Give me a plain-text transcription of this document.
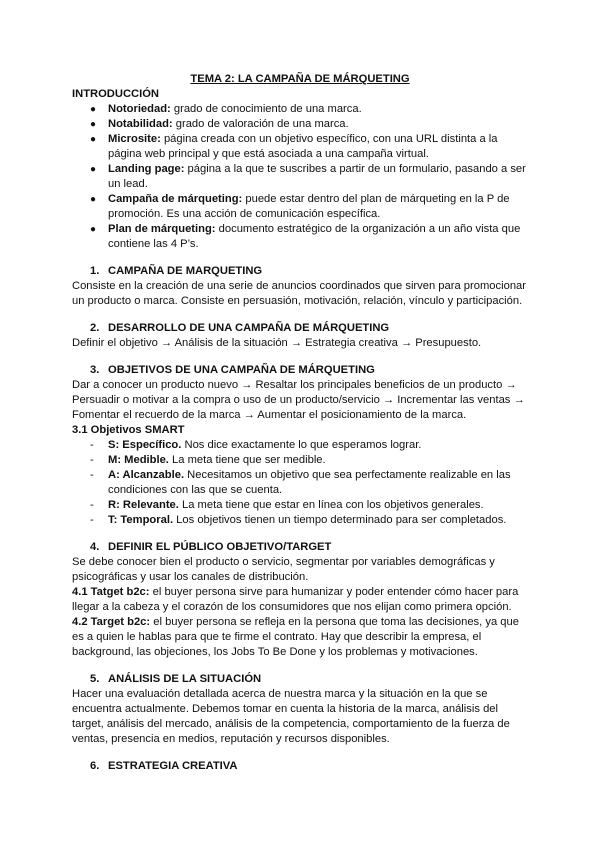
TEMA 2: LA CAMPAÑA DE MÁRQUETING
INTRODUCCIÓN
● Notoriedad: grado de conocimiento de una marca.
● Notabilidad: grado de valoración de una marca.
● Microsite: página creada con un objetivo específico, con una URL distinta a la página web principal y que está asociada a una campaña virtual.
● Landing page: página a la que te suscribes a partir de un formulario, pasando a ser un lead.
● Campaña de márqueting: puede estar dentro del plan de márqueting en la P de promoción. Es una acción de comunicación específica.
● Plan de márqueting: documento estratégico de la organización a un año vista que contiene las 4 P’s.
1. CAMPAÑA DE MARQUETING

Consiste en la creación de una serie de anuncios coordinados que sirven para promocionar un producto o marca. Consiste en persuasión, motivación, relación, vínculo y participación.

2. DESARROLLO DE UNA CAMPAÑA DE MÁRQUETING

Definir el objetivo → Análisis de la situación → Estrategia creativa → Presupuesto.

3. OBJETIVOS DE UNA CAMPAÑA DE MÁRQUETING

Dar a conocer un producto nuevo → Resaltar los principales beneficios de un producto → Persuadir o motivar a la compra o uso de un producto/servicio → Incrementar las ventas → Fomentar el recuerdo de la marca → Aumentar el posicionamiento de la marca.

3.1 Objetivos SMART
- S: Específico. Nos dice exactamente lo que esperamos lograr.
- M: Medible. La meta tiene que ser medible.
- A: Alcanzable. Necesitamos un objetivo que sea perfectamente realizable en las condiciones con las que se cuenta.
- R: Relevante. La meta tiene que estar en línea con los objetivos generales.
- T: Temporal. Los objetivos tienen un tiempo determinado para ser completados.
4. DEFINIR EL PÚBLICO OBJETIVO/TARGET

Se debe conocer bien el producto o servicio, segmentar por variables demográficas y psicográficas y usar los canales de distribución.

4.1 Tatget b2c: el buyer persona sirve para humanizar y poder entender cómo hacer para llegar a la cabeza y el corazón de los consumidores que nos elijan como primera opción.

4.2 Target b2c: el buyer persona se refleja en la persona que toma las decisiones, ya que es a quien le hablas para que te firme el contrato. Hay que describir la empresa, el background, las objeciones, los Jobs To Be Done y los problemas y motivaciones.

5. ANÁLISIS DE LA SITUACIÓN

Hacer una evaluación detallada acerca de nuestra marca y la situación en la que se encuentra actualmente. Debemos tomar en cuenta la historia de la marca, análisis del target, análisis del mercado, análisis de la competencia, comportamiento de la fuerza de ventas, presencia en medios, reputación y recursos disponibles.

6. ESTRATEGIA CREATIVA
